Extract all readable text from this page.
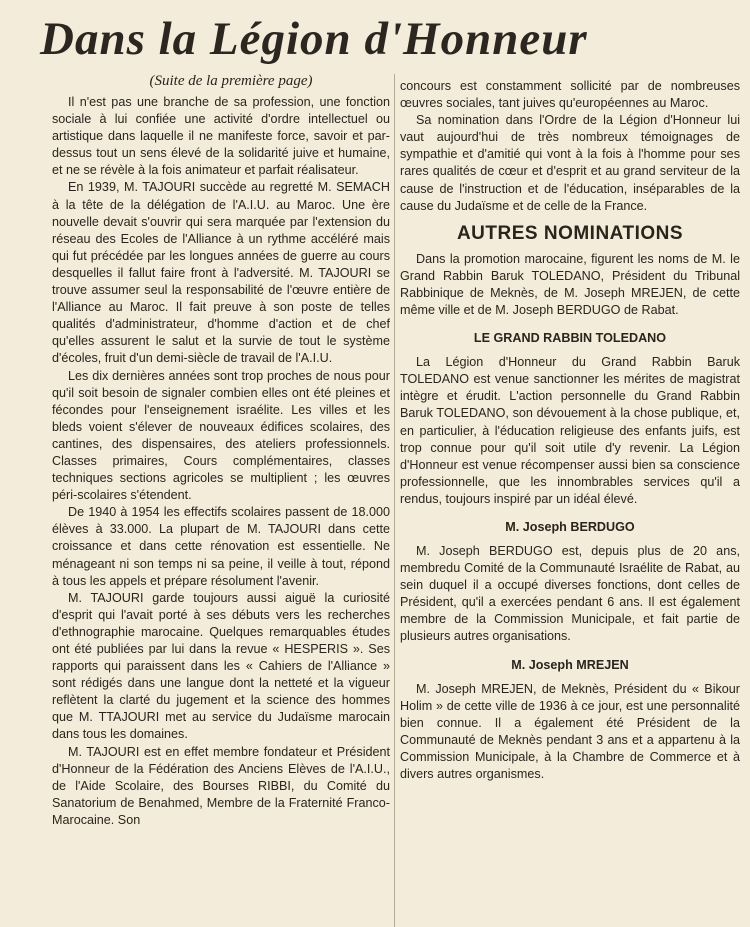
Dans la Légion d'Honneur
(Suite de la première page)

Il n'est pas une branche de sa profession, une fonction sociale à lui confiée une activité d'ordre intellectuel ou artistique dans laquelle il ne manifeste force, savoir et par-dessus tout un sens élevé de la solidarité juive et humaine, et ne se révèle à la fois animateur et parfait réalisateur.

En 1939, M. TAJOURI succède au regretté M. SEMACH à la tête de la délégation de l'A.I.U. au Maroc. Une ère nouvelle devait s'ouvrir qui sera marquée par l'extension du réseau des Ecoles de l'Alliance à un rythme accéléré mais qui fut précédée par les longues années de guerre au cours desquelles il fallut faire front à l'adversité. M. TAJOURI se trouve assumer seul la responsabilité de l'œuvre entière de l'Alliance au Maroc. Il fait preuve à son poste de telles qualités d'administrateur, d'homme d'action et de chef qu'elles assurent le salut et la survie de tout le système d'écoles, fruit d'un demi-siècle de travail de l'A.I.U.

Les dix dernières années sont trop proches de nous pour qu'il soit besoin de signaler combien elles ont été pleines et fécondes pour l'enseignement israélite. Les villes et les bleds voient s'élever de nouveaux édifices scolaires, des cantines, des dispensaires, des ateliers professionnels. Classes primaires, Cours complémentaires, classes techniques sections agricoles se multiplient ; les œuvres péri-scolaires s'étendent.

De 1940 à 1954 les effectifs scolaires passent de 18.000 élèves à 33.000. La plupart de M. TAJOURI dans cette croissance et dans cette rénovation est essentielle. Ne ménageant ni son temps ni sa peine, il veille à tout, répond à tous les appels et prépare résolument l'avenir.

M. TAJOURI garde toujours aussi aiguë la curiosité d'esprit qui l'avait porté à ses débuts vers les recherches d'ethnographie marocaine. Quelques remarquables études ont été publiées par lui dans la revue « HESPERIS ». Ses rapports qui paraissent dans les « Cahiers de l'Alliance » sont rédigés dans une langue dont la netteté et la vigueur reflètent la clarté du jugement et la science des hommes que M. TTAJOURI met au service du Judaïsme marocain dans tous les domaines.

M. TAJOURI est en effet membre fondateur et Président d'Honneur de la Fédération des Anciens Elèves de l'A.I.U., de l'Aide Scolaire, des Bourses RIBBI, du Comité du Sanatorium de Benahmed, Membre de la Fraternité Franco-Marocaine. Son

concours est constamment sollicité par de nombreuses œuvres sociales, tant juives qu'européennes au Maroc.

Sa nomination dans l'Ordre de la Légion d'Honneur lui vaut aujourd'hui de très nombreux témoignages de sympathie et d'amitié qui vont à la fois à l'homme pour ses rares qualités de cœur et d'esprit et au grand serviteur de la cause de l'instruction et de l'éducation, inséparables de la cause du Judaïsme et de celle de la France.

AUTRES NOMINATIONS

Dans la promotion marocaine, figurent les noms de M. le Grand Rabbin Baruk TOLEDANO, Président du Tribunal Rabbinique de Meknès, de M. Joseph MREJEN, de cette même ville et de M. Joseph BERDUGO de Rabat.

LE GRAND RABBIN TOLEDANO

La Légion d'Honneur du Grand Rabbin Baruk TOLEDANO est venue sanctionner les mérites de magistrat intègre et érudit. L'action personnelle du Grand Rabbin Baruk TOLEDANO, son dévouement à la chose publique, et, en particulier, à l'éducation religieuse des enfants juifs, est trop connue pour qu'il soit utile d'y revenir. La Légion d'Honneur est venue récompenser aussi bien sa conscience professionnelle, que les innombrables services qu'il a rendus, toujours inspiré par un idéal élevé.

M. Joseph BERDUGO

M. Joseph BERDUGO est, depuis plus de 20 ans, membredu Comité de la Communauté Israélite de Rabat, au sein duquel il a occupé diverses fonctions, dont celles de Président, qu'il a exercées pendant 6 ans. Il est également membre de la Commission Municipale, et fait partie de plusieurs autres organisations.

M. Joseph MREJEN

M. Joseph MREJEN, de Meknès, Président du « Bikour Holim » de cette ville de 1936 à ce jour, est une personnalité bien connue. Il a également été Président de la Communauté de Meknès pendant 3 ans et a appartenu à la Commission Municipale, à la Chambre de Commerce et à divers autres organismes.
